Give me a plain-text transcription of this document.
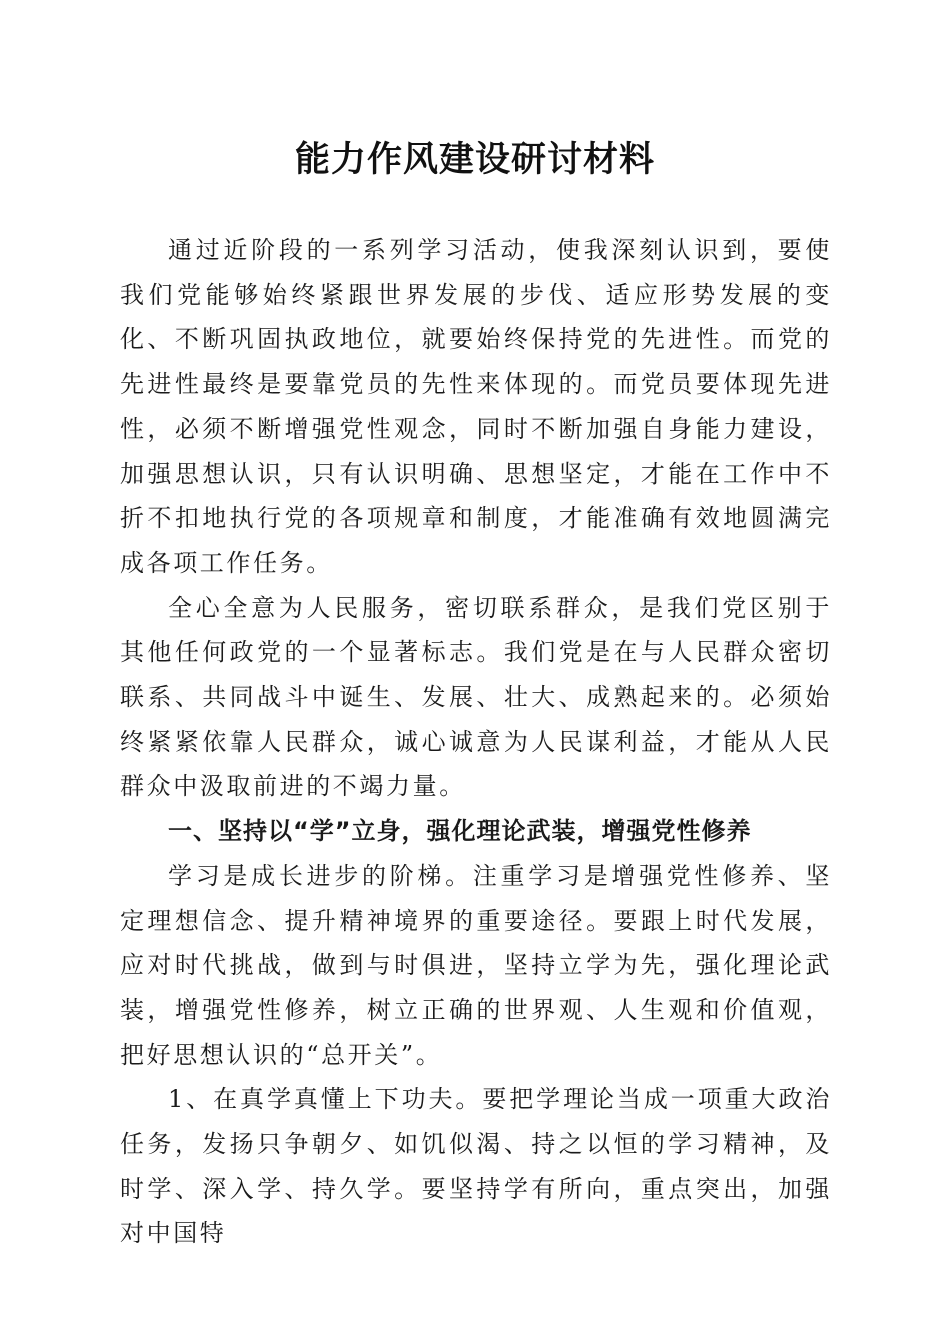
能力作风建设研讨材料

通过近阶段的一系列学习活动，使我深刻认识到，要使我们党能够始终紧跟世界发展的步伐、适应形势发展的变化、不断巩固执政地位，就要始终保持党的先进性。而党的先进性最终是要靠党员的先性来体现的。而党员要体现先进性，必须不断增强党性观念，同时不断加强自身能力建设，加强思想认识，只有认识明确、思想坚定，才能在工作中不折不扣地执行党的各项规章和制度，才能准确有效地圆满完成各项工作任务。

全心全意为人民服务，密切联系群众，是我们党区别于其他任何政党的一个显著标志。我们党是在与人民群众密切联系、共同战斗中诞生、发展、壮大、成熟起来的。必须始终紧紧依靠人民群众，诚心诚意为人民谋利益，才能从人民群众中汲取前进的不竭力量。

一、坚持以“学”立身，强化理论武装，增强党性修养

学习是成长进步的阶梯。注重学习是增强党性修养、坚定理想信念、提升精神境界的重要途径。要跟上时代发展，应对时代挑战，做到与时俱进，坚持立学为先，强化理论武装，增强党性修养，树立正确的世界观、人生观和价值观，把好思想认识的“总开关”。

1、在真学真懂上下功夫。要把学理论当成一项重大政治任务，发扬只争朝夕、如饥似渴、持之以恒的学习精神，及时学、深入学、持久学。要坚持学有所向，重点突出，加强对中国特
